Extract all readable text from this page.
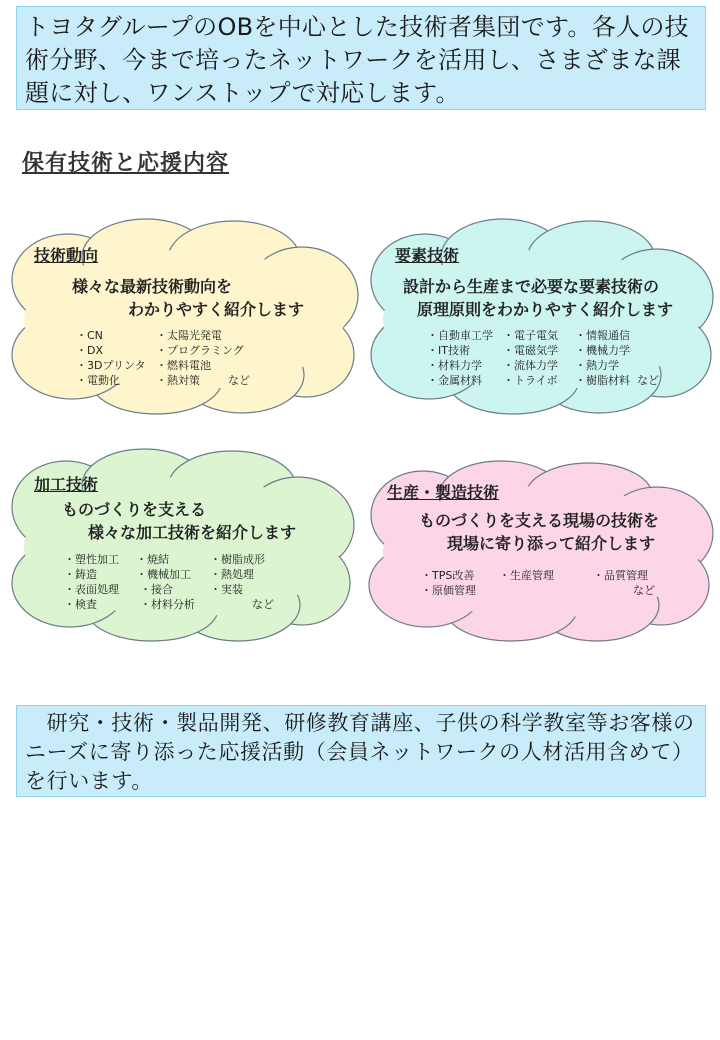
トヨタグループのOBを中心とした技術者集団です。各人の技術分野、今まで培ったネットワークを活用し、さまざまな課題に対し、ワンストップで対応します。
保有技術と応援内容
技術動向
様々な最新技術動向を
わかりやすく紹介します
・CN	・太陽光発電
・DX	・プログラミング
・3Dプリンタ ・燃料電池
・電動化	・熱対策	など
要素技術
設計から生産まで必要な要素技術の
原理原則をわかりやすく紹介します
・自動車工学 ・電子電気 ・情報通信
・IT技術	・電磁気学 ・機械力学
・材料力学 ・流体力学 ・熱力学
・金属材料 ・トライボ ・樹脂材料 など
加工技術
ものづくりを支える
様々な加工技術を紹介します
・塑性加工 ・焼結	・樹脂成形
・鋳造	・機械加工 ・熱処理
・表面処理 ・接合	・実装
・検査	・材料分析	など
生産・製造技術
ものづくりを支える現場の技術を
現場に寄り添って紹介します
・TPS改善 ・生産管理	・品質管理
・原価管理	など
　研究・技術・製品開発、研修教育講座、子供の科学教室等お客様のニーズに寄り添った応援活動（会員ネットワークの人材活用含めて）を行います。
